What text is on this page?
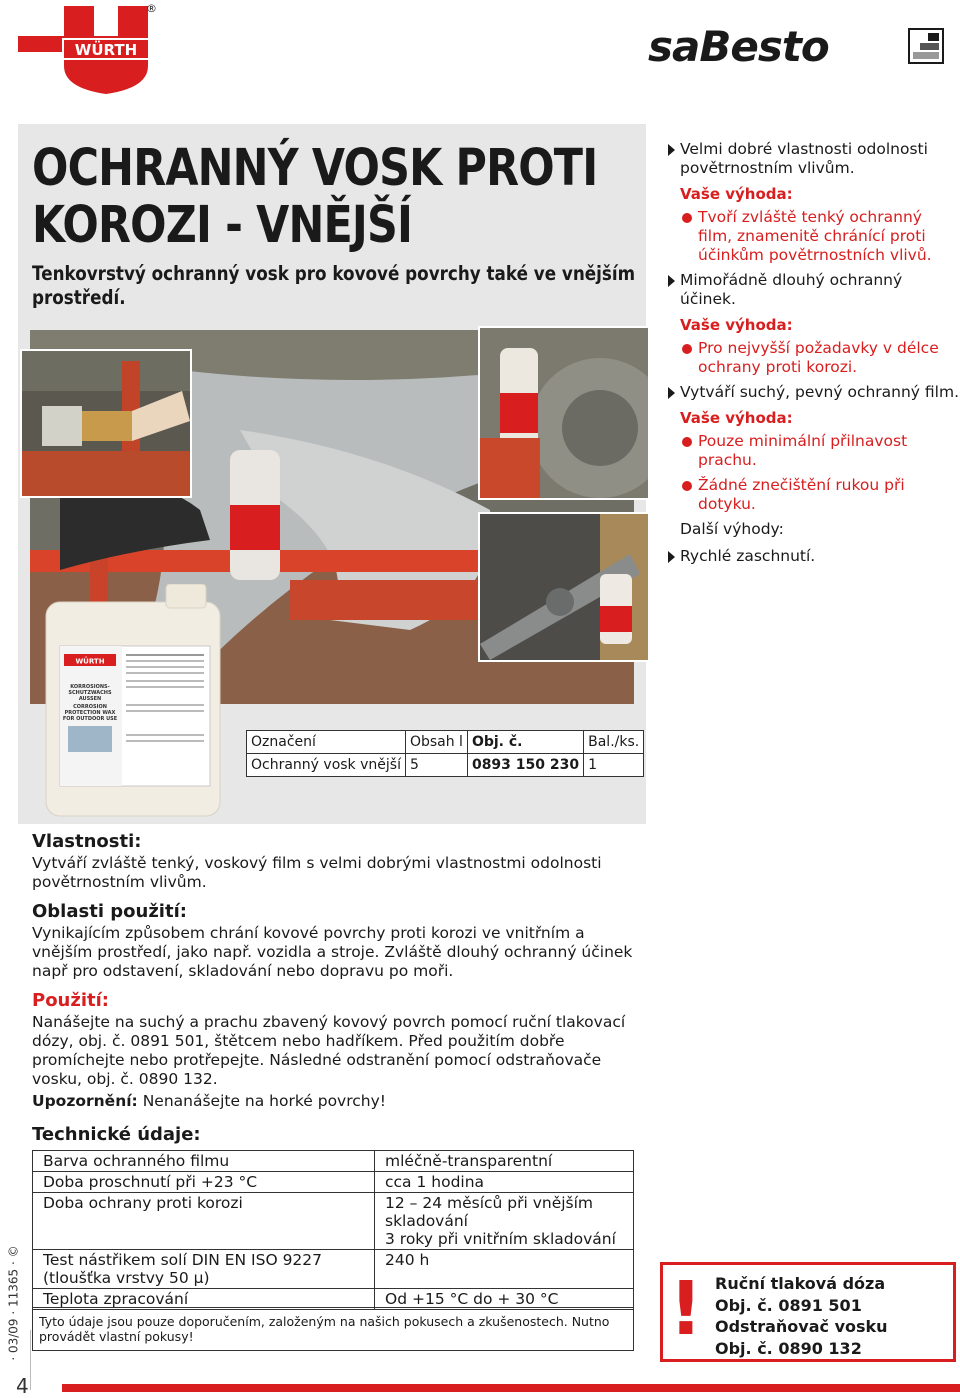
WÜRTH
®
saBesto
OCHRANNÝ VOSK PROTI
KOROZI - VNĚJŠÍ
Tenkovrstvý ochranný vosk pro kovové povrchy také ve vnějším prostředí.
WÜRTH
KORROSIONS-
SCHUTZWACHS
AUSSEN
CORROSION
PROTECTION WAX
FOR OUTDOOR USE
Označení	Obsah l	Obj. č.	Bal./ks.
Ochranný vosk vnější	5	0893 150 230	1
Velmi dobré vlastnosti odolnosti povětrnostním vlivům.
Vaše výhoda:
Tvoří zvláště tenký ochranný film, znamenitě chránící proti účinkům povětrnostních vlivů.
Mimořádně dlouhý ochranný účinek.
Vaše výhoda:
Pro nejvyšší požadavky v délce ochrany proti korozi.
Vytváří suchý, pevný ochranný film.
Vaše výhoda:
Pouze minimální přilnavost prachu.
Žádné znečištění rukou při dotyku.
Další výhody:
Rychlé zaschnutí.
Vlastnosti:

Vytváří zvláště tenký, voskový film s velmi dobrými vlastnostmi odolnosti povětrnostním vlivům.

Oblasti použití:

Vynikajícím způsobem chrání kovové povrchy proti korozi ve vnitřním a vnějším prostředí, jako např. vozidla a stroje. Zvláště dlouhý ochranný účinek např pro odstavení, skladování nebo dopravu po moři.

Použití:

Nanášejte na suchý a prachu zbavený kovový povrch pomocí ruční tlakovací dózy, obj. č. 0891 501, štětcem nebo hadříkem. Před použitím dobře promíchejte nebo protřepejte. Následné odstranění pomocí odstraňovače vosku, obj. č. 0890 132.

Upozornění: Nenanášejte na horké povrchy!

Technické údaje:
Barva ochranného filmu	mléčně-transparentní
Doba proschnutí při +23 °C	cca 1 hodina
Doba ochrany proti korozi	12 – 24 měsíců při vnějším skladování
3 roky při vnitřním skladování
Test nástřikem solí DIN EN ISO 9227
(tloušťka vrstvy 50 µ)	240 h
Teplota zpracování	Od +15 °C do + 30 °C
Tyto údaje jsou pouze doporučením, založeným na našich pokusech a zkušenostech. Nutno provádět vlastní pokusy!	! Ruční tlaková dóza
Obj. č. 0891 501
Odstraňovač vosku
Obj. č. 0890 132
· 03/09 · 11365 · ©
4
